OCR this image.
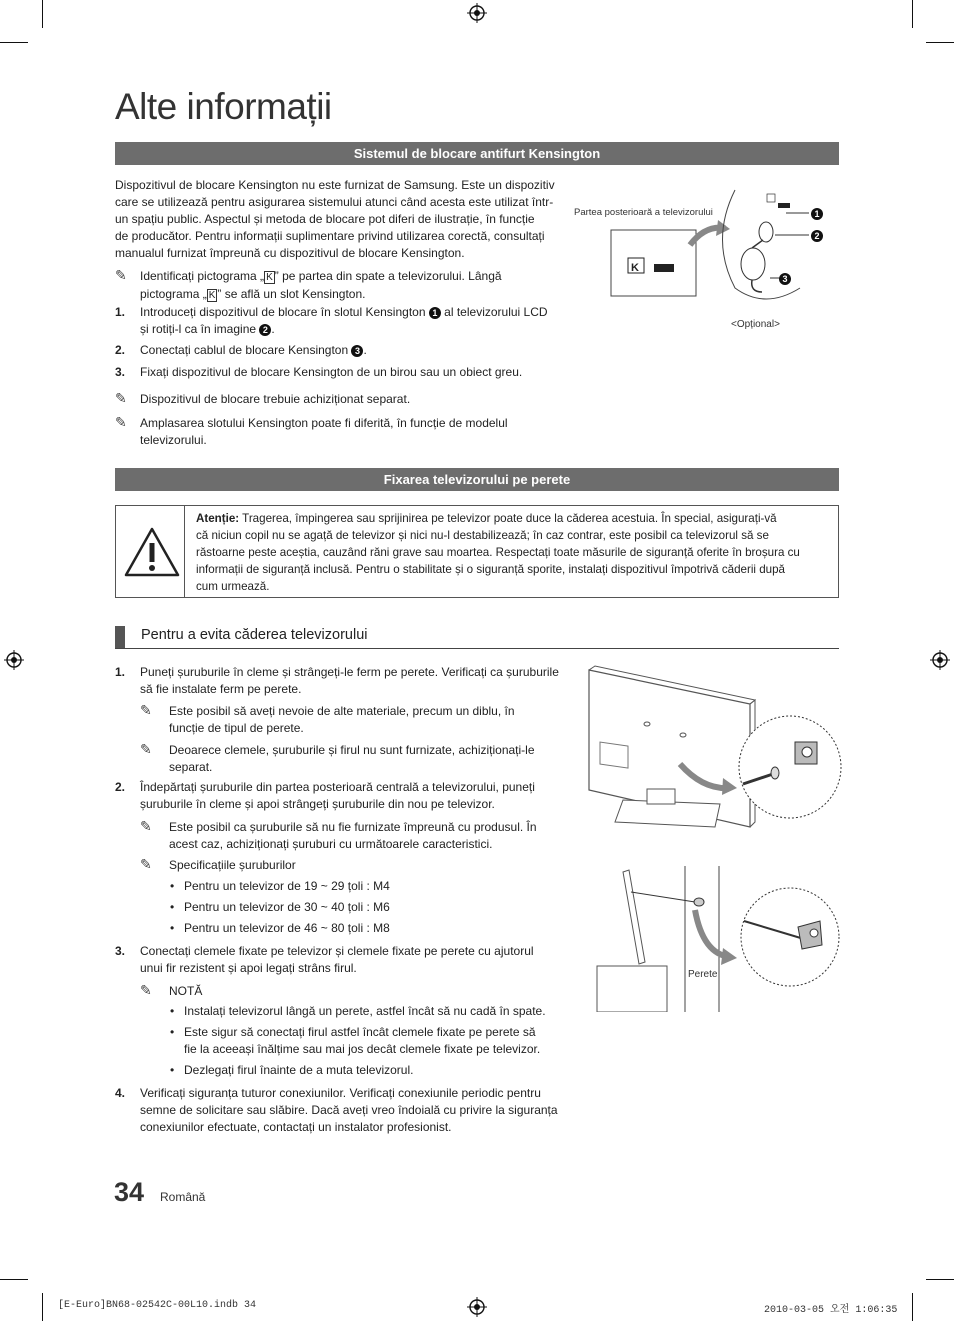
Alte informații
Sistemul de blocare antifurt Kensington
Dispozitivul de blocare Kensington nu este furnizat de Samsung. Este un dispozitiv
care se utilizează pentru asigurarea sistemului atunci când acesta este utilizat într-
un spațiu public. Aspectul și metoda de blocare pot diferi de ilustrație, în funcție
de producător. Pentru informații suplimentare privind utilizarea corectă, consultați
manualul furnizat împreună cu dispozitivul de blocare Kensington.
✎ Identificați pictograma „ K ” pe partea din spate a televizorului. Lângă
pictograma „ K ” se află un slot Kensington.
1. Introduceți dispozitivul de blocare în slotul Kensington 1 al televizorului LCD
și rotiți-l ca în imagine 2 .
2. Conectați cablul de blocare Kensington 3 .
3. Fixați dispozitivul de blocare Kensington de un birou sau un obiect greu.
✎ Dispozitivul de blocare trebuie achiziționat separat.
✎ Amplasarea slotului Kensington poate fi diferită, în funcție de modelul
televizorului.
Partea posterioară a televizorului
K
1
2
3
<Opțional>
Fixarea televizorului pe perete
Atenție: Tragerea, împingerea sau sprijinirea pe televizor poate duce la căderea acestuia. În special, asigurați-vă
că niciun copil nu se agață de televizor și nici nu-l destabilizează; în caz contrar, este posibil ca televizorul să se
răstoarne peste aceștia, cauzând răni grave sau moartea. Respectați toate măsurile de siguranță oferite în broșura cu
informații de siguranță inclusă. Pentru o stabilitate și o siguranță sporite, instalați dispozitivul împotrivă căderii după
cum urmează.
Pentru a evita căderea televizorului
1. Puneți șuruburile în cleme și strângeți-le ferm pe perete. Verificați ca șuruburile
să fie instalate ferm pe perete.
✎ Este posibil să aveți nevoie de alte materiale, precum un diblu, în
funcție de tipul de perete.
✎ Deoarece clemele, șuruburile și firul nu sunt furnizate, achiziționați-le
separat.
2. Îndepărtați șuruburile din partea posterioară centrală a televizorului, puneți
șuruburile în cleme și apoi strângeți șuruburile din nou pe televizor.
✎ Este posibil ca șuruburile să nu fie furnizate împreună cu produsul. În
acest caz, achiziționați șuruburi cu următoarele caracteristici.
✎ Specificațiile șuruburilor
• Pentru un televizor de 19 ~ 29 țoli : M4
• Pentru un televizor de 30 ~ 40 țoli : M6
• Pentru un televizor de 46 ~ 80 țoli : M8
3. Conectați clemele fixate pe televizor și clemele fixate pe perete cu ajutorul
unui fir rezistent și apoi legați strâns firul.
✎ NOTĂ
• Instalați televizorul lângă un perete, astfel încât să nu cadă în spate.
• Este sigur să conectați firul astfel încât clemele fixate pe perete să
fie la aceeași înălțime sau mai jos decât clemele fixate pe televizor.
• Dezlegați firul înainte de a muta televizorul.
4. Verificați siguranța tuturor conexiunilor. Verificați conexiunile periodic pentru
semne de solicitare sau slăbire. Dacă aveți vreo îndoială cu privire la siguranța
conexiunilor efectuate, contactați un instalator profesionist.
Perete
34 Română
[E-Euro]BN68-02542C-00L10.indb 34	2010-03-05 오전 1:06:35
